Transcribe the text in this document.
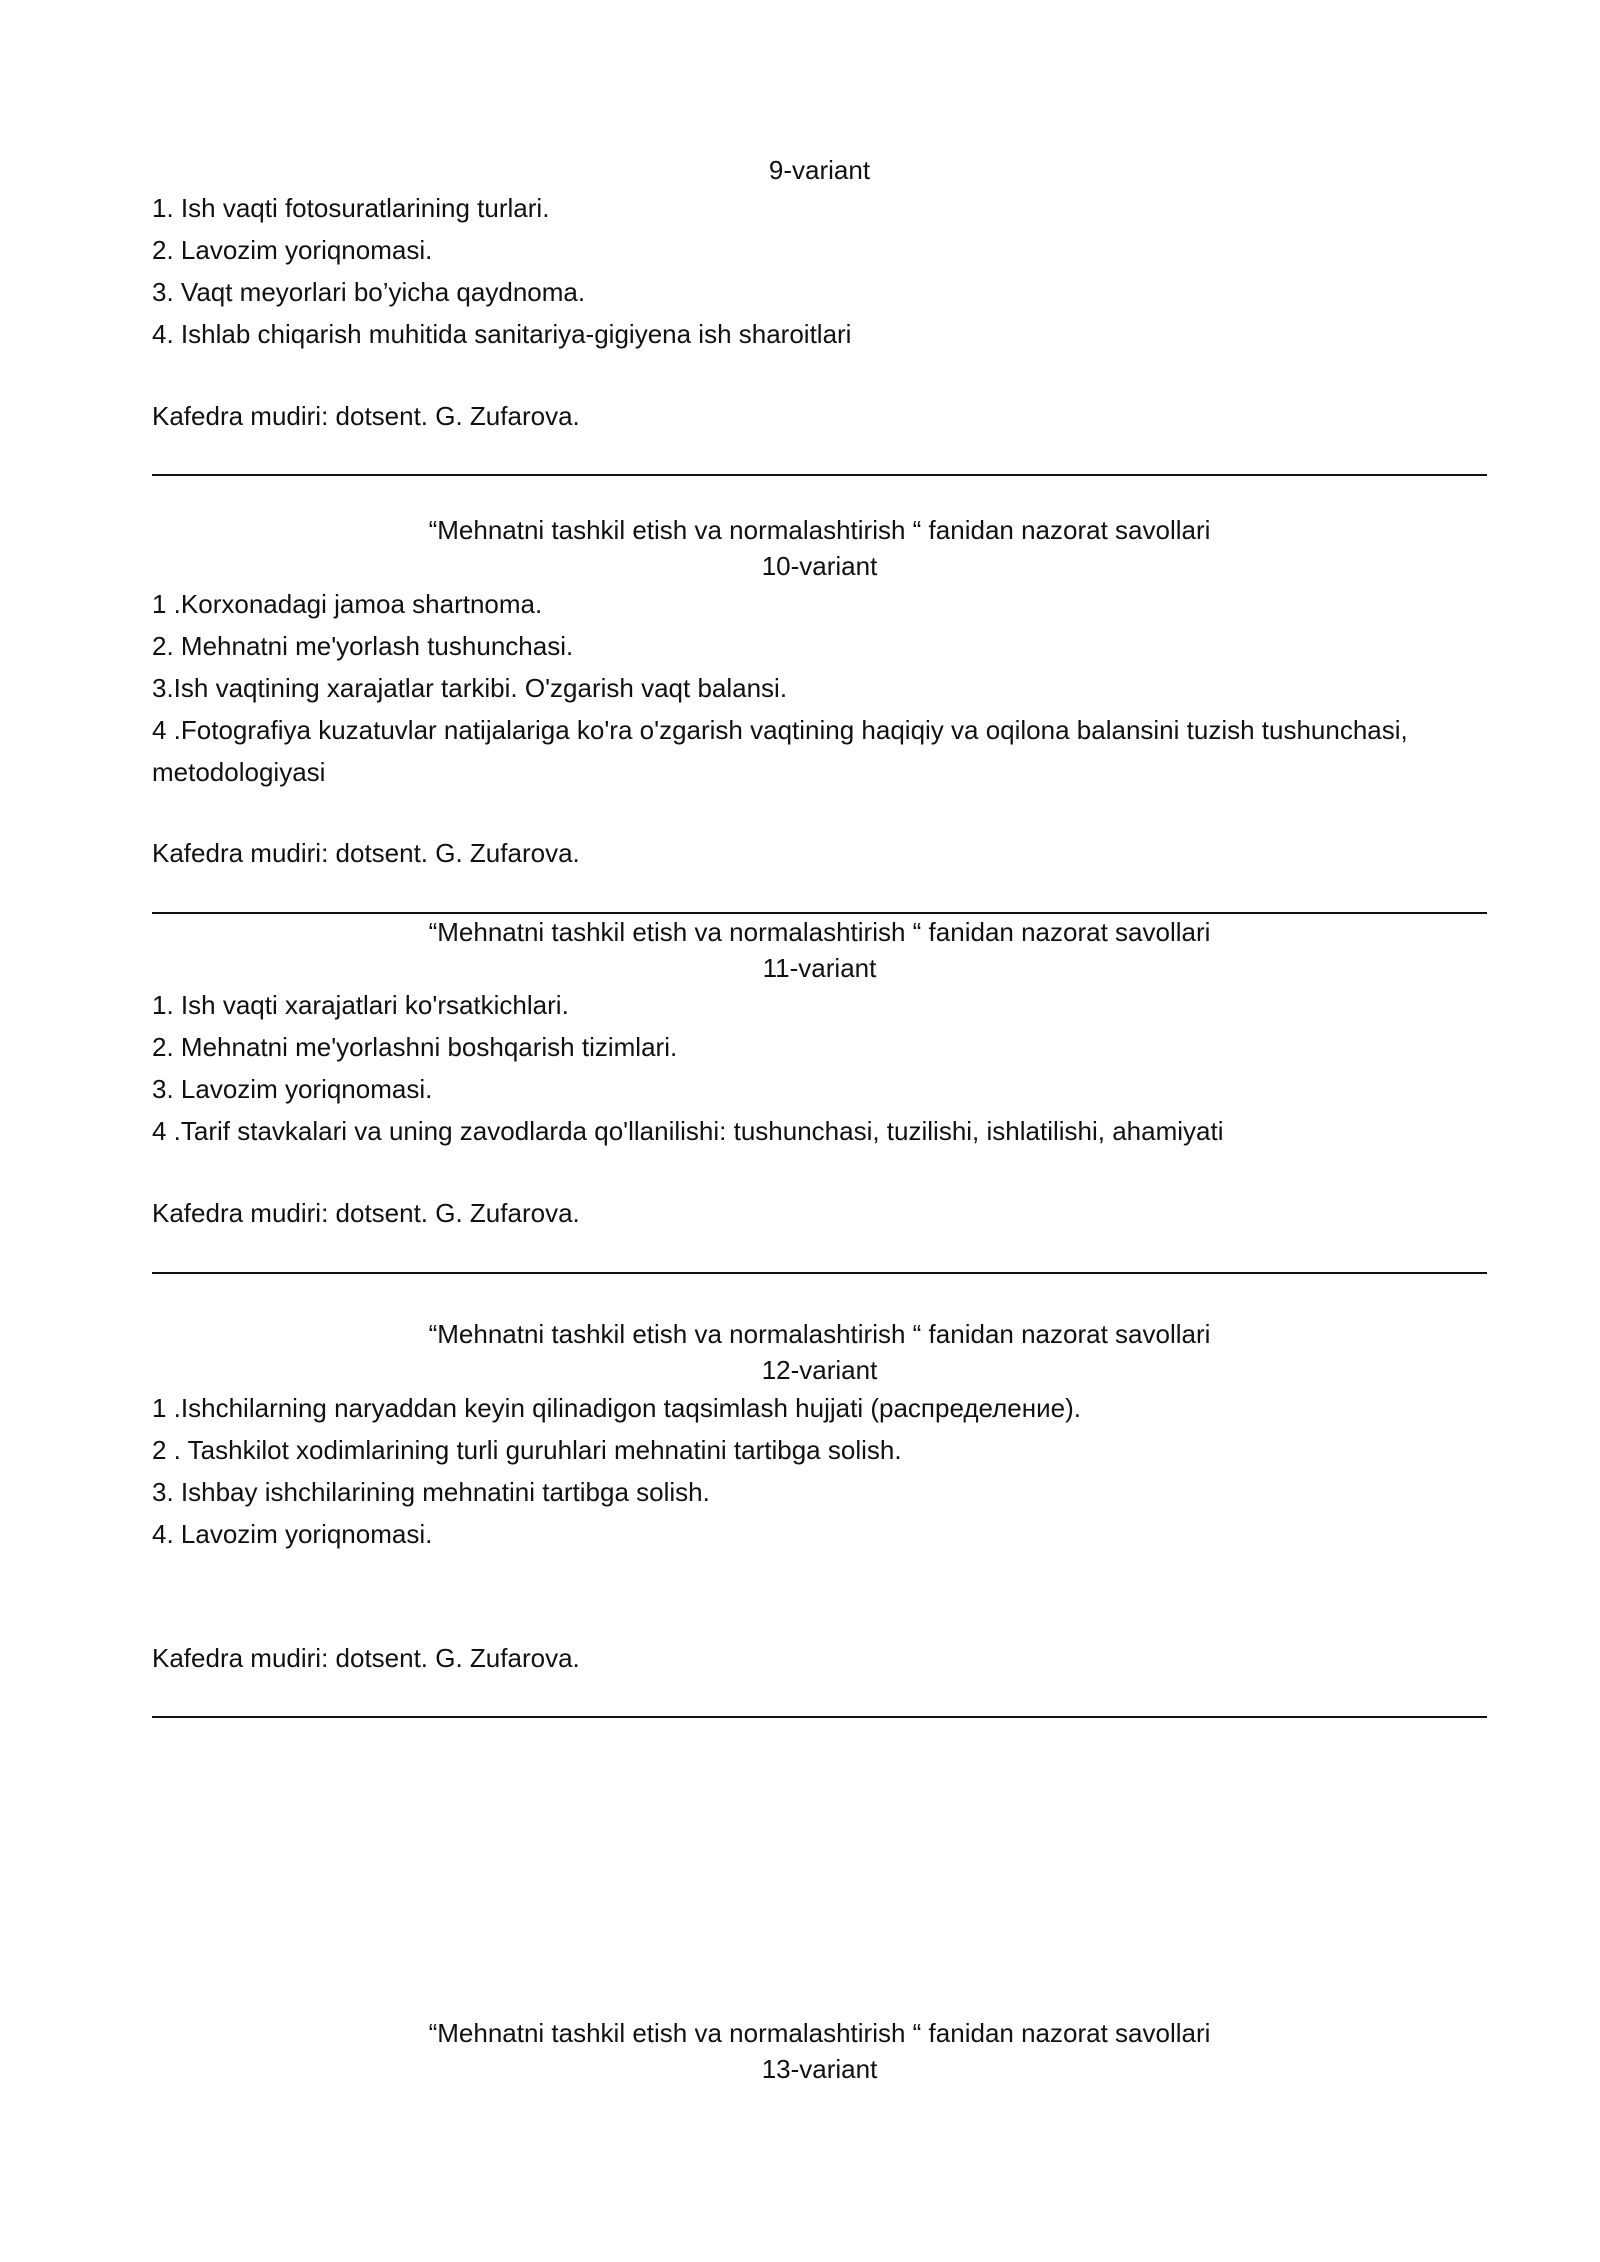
9-variant
1. Ish vaqti fotosuratlarining turlari.
2. Lavozim yoriqnomasi.
3. Vaqt meyorlari bo’yicha qaydnoma.
4. Ishlab chiqarish muhitida sanitariya-gigiyena ish sharoitlari
Kafedra mudiri: dotsent. G. Zufarova.
“Mehnatni tashkil etish va normalashtirish “ fanidan nazorat savollari
10-variant
1 .Korxonadagi jamoa shartnoma.
2. Mehnatni me'yorlash tushunchasi.
3.Ish vaqtining xarajatlar tarkibi. O'zgarish vaqt balansi.
4 .Fotografiya kuzatuvlar natijalariga ko'ra o'zgarish vaqtining haqiqiy va oqilona balansini tuzish tushunchasi, metodologiyasi
Kafedra mudiri: dotsent. G. Zufarova.
“Mehnatni tashkil etish va normalashtirish “ fanidan nazorat savollari
11-variant
1. Ish vaqti xarajatlari ko'rsatkichlari.
2. Mehnatni me'yorlashni boshqarish tizimlari.
3. Lavozim yoriqnomasi.
4 .Tarif stavkalari va uning zavodlarda qo'llanilishi: tushunchasi, tuzilishi, ishlatilishi, ahamiyati
Kafedra mudiri: dotsent. G. Zufarova.
“Mehnatni tashkil etish va normalashtirish “ fanidan nazorat savollari
12-variant
1 .Ishchilarning naryaddan keyin qilinadigon taqsimlash hujjati (распределение).
2 . Tashkilot xodimlarining turli guruhlari mehnatini tartibga solish.
3. Ishbay ishchilarining mehnatini tartibga solish.
4. Lavozim yoriqnomasi.
Kafedra mudiri: dotsent. G. Zufarova.
“Mehnatni tashkil etish va normalashtirish “ fanidan nazorat savollari
13-variant
